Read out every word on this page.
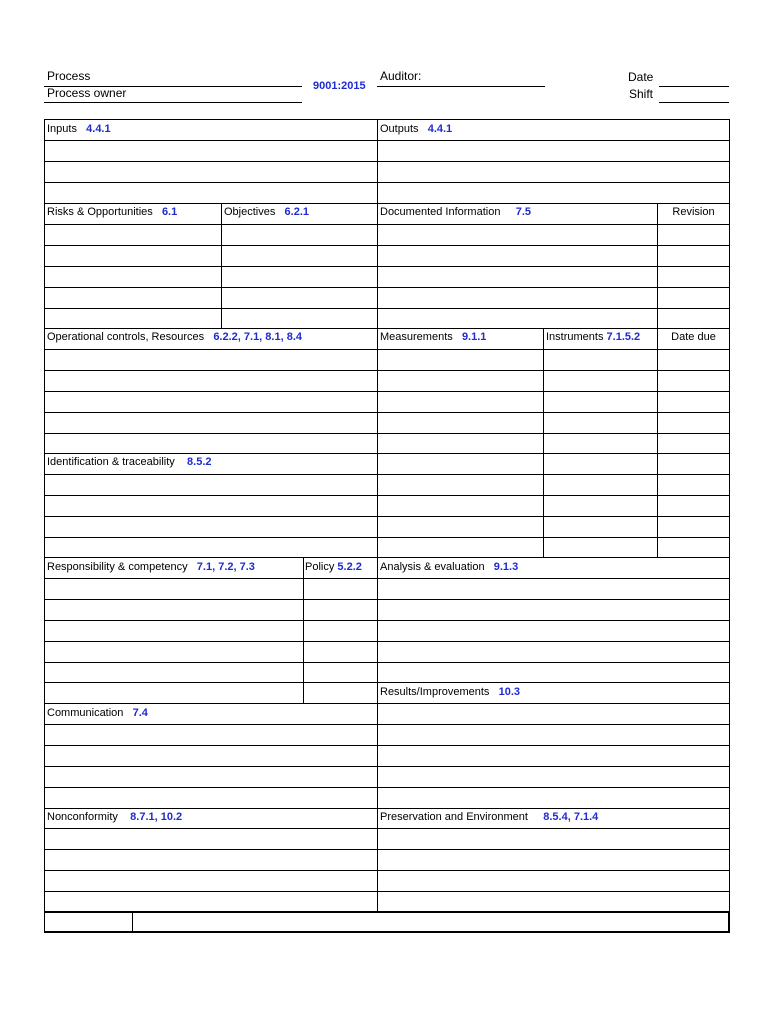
Process
Process owner	9001:2015
Auditor:	Date
Shift
Inputs 4.4.1	Outputs 4.4.1
Risks & Opportunities 6.1	Objectives 6.2.1	Documented Information 7.5	Revision
Operational controls, Resources 6.2.2, 7.1, 8.1, 8.4	Measurements 9.1.1	Instruments 7.1.5.2	Date due
Identification & traceability 8.5.2
Responsibility & competency 7.1, 7.2, 7.3	Policy 5.2.2 Analysis & evaluation 9.1.3
Results/Improvements 10.3
Communication 7.4
Nonconformity 8.7.1, 10.2	Preservation and Environment 8.5.4, 7.1.4
